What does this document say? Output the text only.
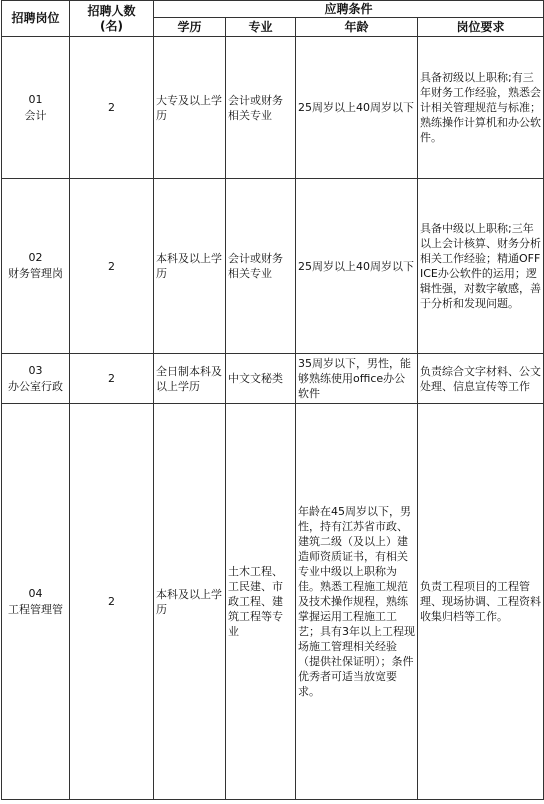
招聘岗位	招聘人数
(名)	应聘条件			
		学历	专业	年龄	岗位要求

01
会计	2	大专及以上学历	会计或财务相关专业	25周岁以上40周岁以下	具备初级以上职称;有三年财务工作经验，熟悉会计相关管理规范与标准；熟练操作计算机和办公软件。

02
财务管理岗	2	本科及以上学历	会计或财务相关专业	25周岁以上40周岁以下	具备中级以上职称;三年以上会计核算、财务分析相关工作经验；精通OFFICE办公软件的运用；逻辑性强，对数字敏感，善于分析和发现问题。

03
办公室行政	2	全日制本科及以上学历	中文文秘类	35周岁以下，男性，能够熟练使用office办公软件	负责综合文字材料、公文处理、信息宣传等工作

04
工程管理管	2	本科及以上学历	土木工程、工民建、市政工程、建筑工程等专业	年龄在45周岁以下，男性，持有江苏省市政、建筑二级（及以上）建造师资质证书，有相关专业中级以上职称为佳。熟悉工程施工规范及技术操作规程，熟练掌握运用工程施工工艺；具有3年以上工程现场施工管理相关经验（提供社保证明）；条件优秀者可适当放宽要求。	负责工程项目的工程管理、现场协调、工程资料收集归档等工作。
